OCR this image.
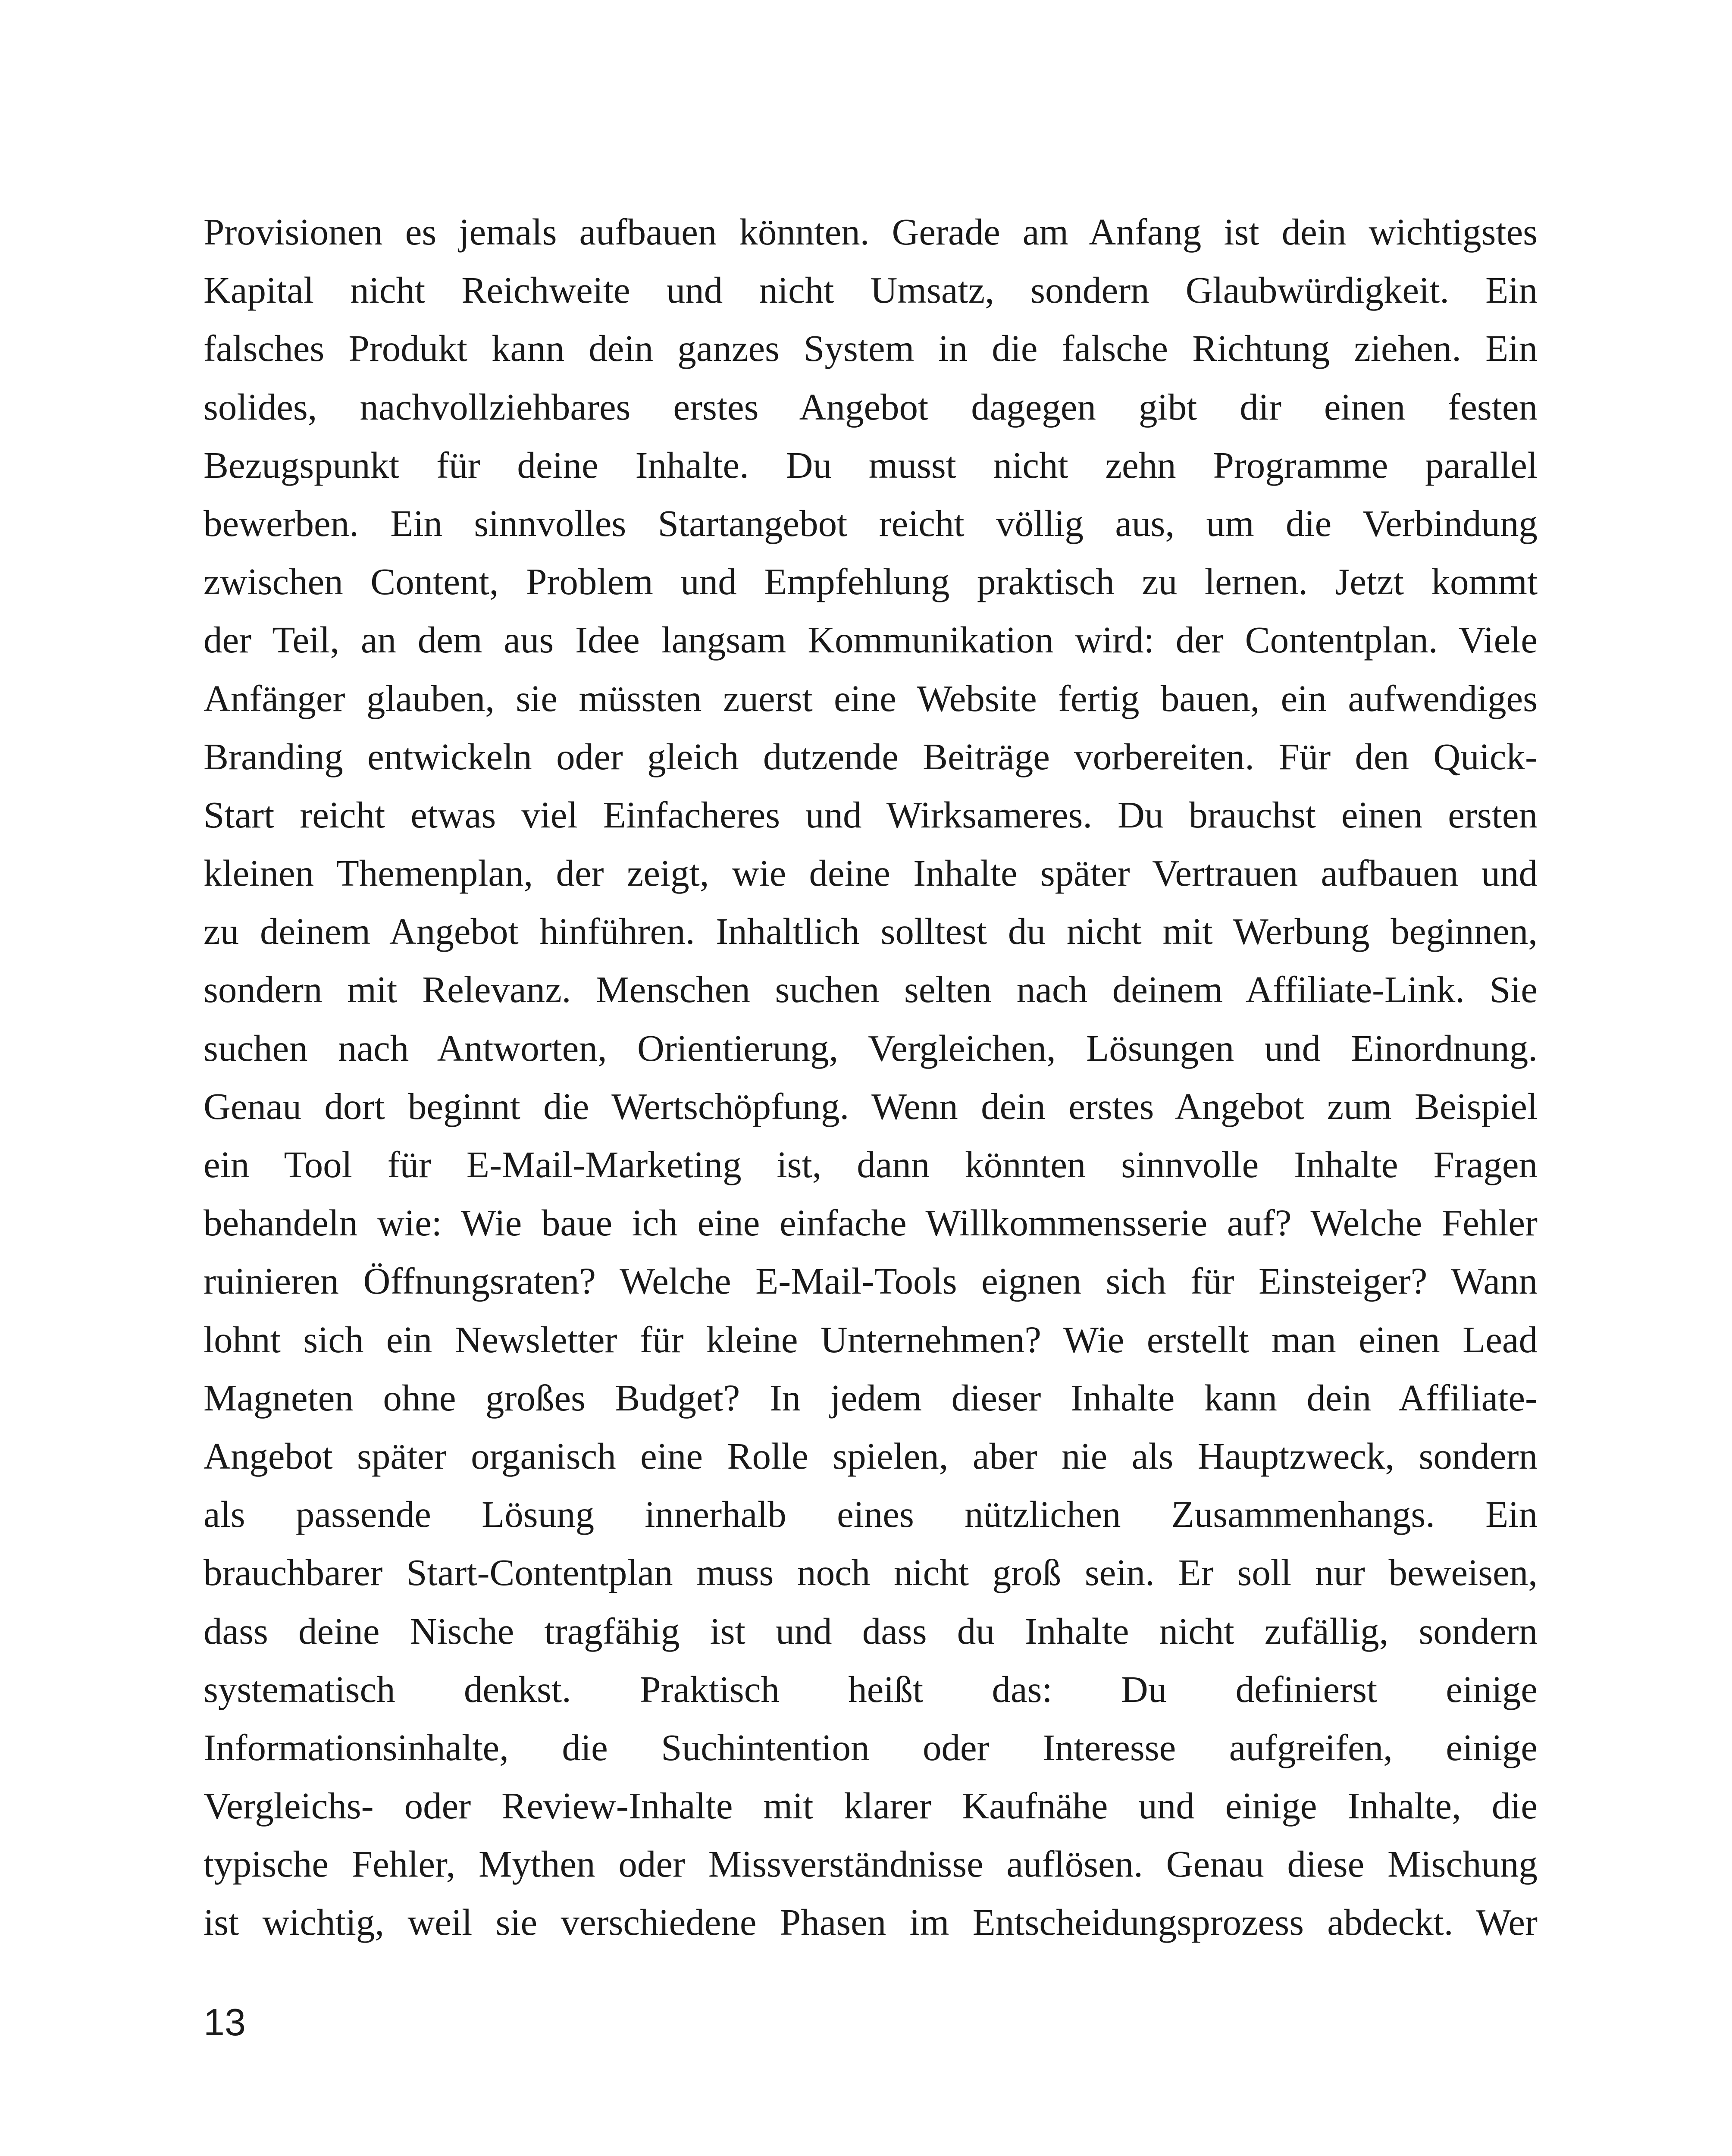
Provisionen es jemals aufbauen könnten. Gerade am Anfang ist dein wichtigstes
Kapital nicht Reichweite und nicht Umsatz, sondern Glaubwürdigkeit. Ein
falsches Produkt kann dein ganzes System in die falsche Richtung ziehen. Ein
solides, nachvollziehbares erstes Angebot dagegen gibt dir einen festen
Bezugspunkt für deine Inhalte. Du musst nicht zehn Programme parallel
bewerben. Ein sinnvolles Startangebot reicht völlig aus, um die Verbindung
zwischen Content, Problem und Empfehlung praktisch zu lernen. Jetzt kommt
der Teil, an dem aus Idee langsam Kommunikation wird: der Contentplan. Viele
Anfänger glauben, sie müssten zuerst eine Website fertig bauen, ein aufwendiges
Branding entwickeln oder gleich dutzende Beiträge vorbereiten. Für den Quick-
Start reicht etwas viel Einfacheres und Wirksameres. Du brauchst einen ersten
kleinen Themenplan, der zeigt, wie deine Inhalte später Vertrauen aufbauen und
zu deinem Angebot hinführen. Inhaltlich solltest du nicht mit Werbung beginnen,
sondern mit Relevanz. Menschen suchen selten nach deinem Affiliate-Link. Sie
suchen nach Antworten, Orientierung, Vergleichen, Lösungen und Einordnung.
Genau dort beginnt die Wertschöpfung. Wenn dein erstes Angebot zum Beispiel
ein Tool für E-Mail-Marketing ist, dann könnten sinnvolle Inhalte Fragen
behandeln wie: Wie baue ich eine einfache Willkommensserie auf? Welche Fehler
ruinieren Öffnungsraten? Welche E-Mail-Tools eignen sich für Einsteiger? Wann
lohnt sich ein Newsletter für kleine Unternehmen? Wie erstellt man einen Lead
Magneten ohne großes Budget? In jedem dieser Inhalte kann dein Affiliate-
Angebot später organisch eine Rolle spielen, aber nie als Hauptzweck, sondern
als passende Lösung innerhalb eines nützlichen Zusammenhangs. Ein
brauchbarer Start-Contentplan muss noch nicht groß sein. Er soll nur beweisen,
dass deine Nische tragfähig ist und dass du Inhalte nicht zufällig, sondern
systematisch denkst. Praktisch heißt das: Du definierst einige
Informationsinhalte, die Suchintention oder Interesse aufgreifen, einige
Vergleichs- oder Review-Inhalte mit klarer Kaufnähe und einige Inhalte, die
typische Fehler, Mythen oder Missverständnisse auflösen. Genau diese Mischung
ist wichtig, weil sie verschiedene Phasen im Entscheidungsprozess abdeckt. Wer
13
